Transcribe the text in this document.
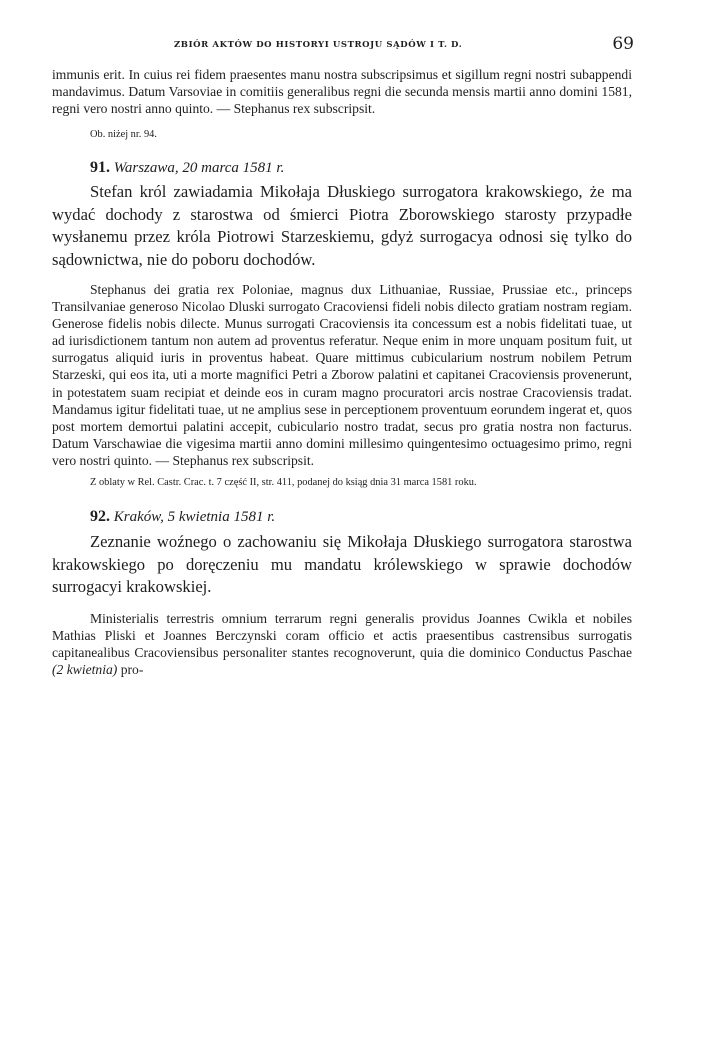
ZBIÓR AKTÓW DO HISTORYI USTROJU SĄDÓW I T. D.	69

immunis erit. In cuius rei fidem praesentes manu nostra subscripsimus et sigillum regni nostri subappendi mandavimus. Datum Varsoviae in comitiis generalibus regni die secunda mensis martii anno domini 1581, regni vero nostri anno quinto. — Stephanus rex subscripsit.

Ob. niżej nr. 94.

91. Warszawa, 20 marca 1581 r.

Stefan król zawiadamia Mikołaja Dłuskiego surrogatora krakowskiego, że ma wydać dochody z starostwa od śmierci Piotra Zborowskiego starosty przypadłe wysłanemu przez króla Piotrowi Starzeskiemu, gdyż surrogacya odnosi się tylko do sądownictwa, nie do poboru dochodów.

Stephanus dei gratia rex Poloniae, magnus dux Lithuaniae, Russiae, Prussiae etc., princeps Transilvaniae generoso Nicolao Dluski surrogato Cracoviensi fideli nobis dilecto gratiam nostram regiam. Generose fidelis nobis dilecte. Munus surrogati Cracoviensis ita concessum est a nobis fidelitati tuae, ut ad iurisdictionem tantum non autem ad proventus referatur. Neque enim in more unquam positum fuit, ut surrogatus aliquid iuris in proventus habeat. Quare mittimus cubicularium nostrum nobilem Petrum Starzeski, qui eos ita, uti a morte magnifici Petri a Zborow palatini et capitanei Cracoviensis provenerunt, in potestatem suam recipiat et deinde eos in curam magno procuratori arcis nostrae Cracoviensis tradat. Mandamus igitur fidelitati tuae, ut ne amplius sese in perceptionem proventuum eorundem ingerat et, quos post mortem demortui palatini accepit, cubiculario nostro tradat, secus pro gratia nostra non facturus. Datum Varschawiae die vigesima martii anno domini millesimo quingentesimo octuagesimo primo, regni vero nostri quinto. — Stephanus rex subscripsit.

Z oblaty w Rel. Castr. Crac. t. 7 część II, str. 411, podanej do ksiąg dnia 31 marca 1581 roku.

92. Kraków, 5 kwietnia 1581 r.

Zeznanie woźnego o zachowaniu się Mikołaja Dłuskiego surrogatora starostwa krakowskiego po doręczeniu mu mandatu królewskiego w sprawie dochodów surrogacyi krakowskiej.

Ministerialis terrestris omnium terrarum regni generalis providus Joannes Cwikla et nobiles Mathias Pliski et Joannes Berczynski coram officio et actis praesentibus castrensibus surrogatis capitanealibus Cracoviensibus personaliter stantes recognoverunt, quia die dominico Conductus Paschae (2 kwietnia) pro-
